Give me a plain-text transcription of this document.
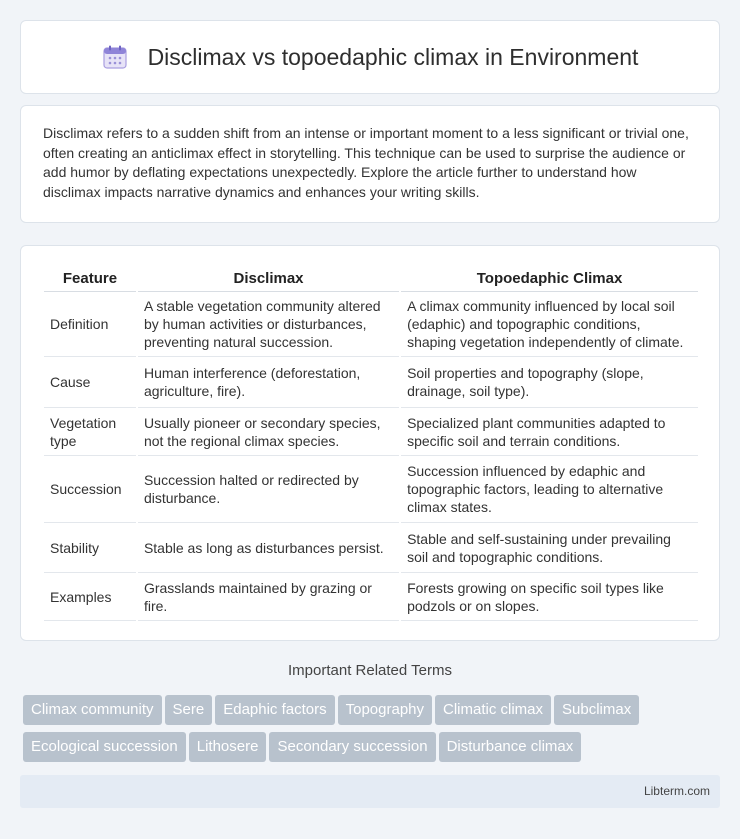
Disclimax vs topoedaphic climax in Environment

Disclimax refers to a sudden shift from an intense or important moment to a less significant or trivial one, often creating an anticlimax effect in storytelling. This technique can be used to surprise the audience or add humor by deflating expectations unexpectedly. Explore the article further to understand how disclimax impacts narrative dynamics and enhances your writing skills.

Feature	Disclimax	Topoedaphic Climax
Definition	A stable vegetation community altered by human activities or disturbances, preventing natural succession.	A climax community influenced by local soil (edaphic) and topographic conditions, shaping vegetation independently of climate.
Cause	Human interference (deforestation, agriculture, fire).	Soil properties and topography (slope, drainage, soil type).
Vegetation type	Usually pioneer or secondary species, not the regional climax species.	Specialized plant communities adapted to specific soil and terrain conditions.
Succession	Succession halted or redirected by disturbance.	Succession influenced by edaphic and topographic factors, leading to alternative climax states.
Stability	Stable as long as disturbances persist.	Stable and self-sustaining under prevailing soil and topographic conditions.
Examples	Grasslands maintained by grazing or fire.	Forests growing on specific soil types like podzols or on slopes.
Important Related Terms
Climax community Sere Edaphic factors Topography Climatic climax Subclimax
Ecological succession Lithosere Secondary succession Disturbance climax
Libterm.com
